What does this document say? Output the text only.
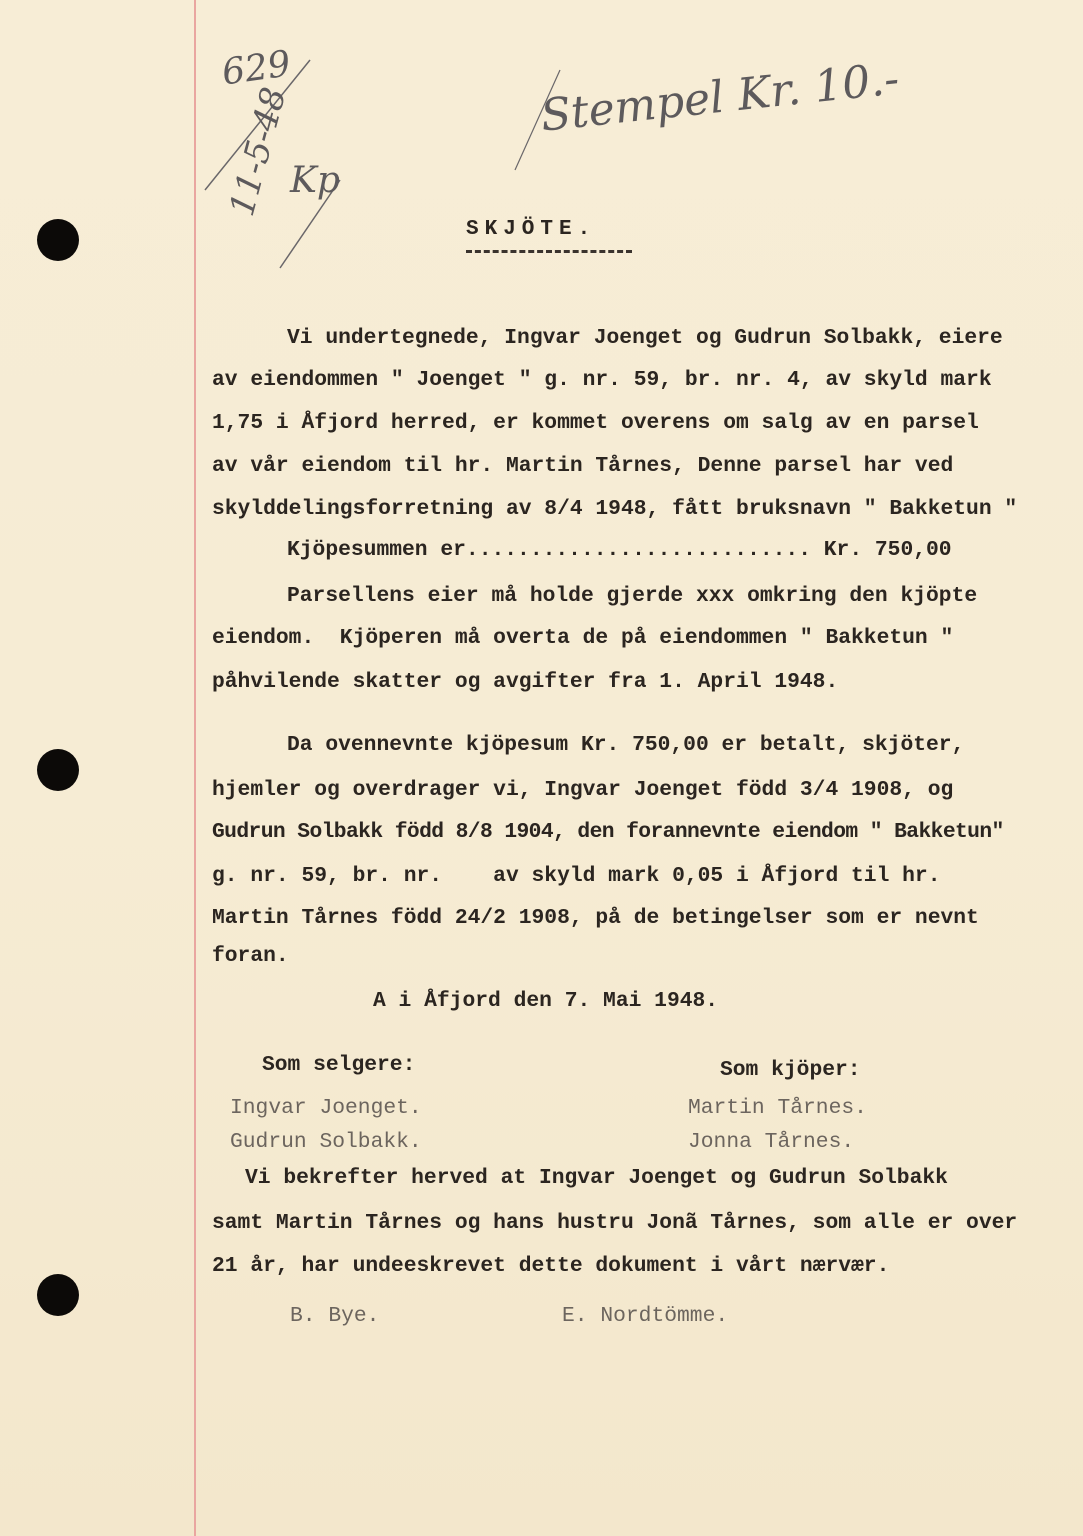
629
11-5-48
Kp
Stempel Kr. 10.-
SKJÖTE.
Vi undertegnede, Ingvar Joenget og Gudrun Solbakk, eiere
av eiendommen " Joenget " g. nr. 59, br. nr. 4, av skyld mark
1,75 i Åfjord herred, er kommet overens om salg av en parsel
av vår eiendom til hr. Martin Tårnes, Denne parsel har ved
skylddelingsforretning av 8/4 1948, fått bruksnavn " Bakketun "
Kjöpesummen er........................... Kr. 750,00
Parsellens eier må holde gjerde xxx omkring den kjöpte
eiendom.  Kjöperen må overta de på eiendommen " Bakketun "
påhvilende skatter og avgifter fra 1. April 1948.
Da ovennevnte kjöpesum Kr. 750,00 er betalt, skjöter,
hjemler og overdrager vi, Ingvar Joenget född 3/4 1908, og
Gudrun Solbakk född 8/8 1904, den forannevnte eiendom " Bakketun"
g. nr. 59, br. nr.    av skyld mark 0,05 i Åfjord til hr.
Martin Tårnes född 24/2 1908, på de betingelser som er nevnt
foran.
A i Åfjord den 7. Mai 1948.
Som selgere:	Som kjöper:
Ingvar Joenget.
Gudrun Solbakk.
Martin Tårnes.
Jonna Tårnes.
Vi bekrefter herved at Ingvar Joenget og Gudrun Solbakk
samt Martin Tårnes og hans hustru Jonã Tårnes, som alle er over
21 år, har undeeskrevet dette dokument i vårt nærvær.
B. Bye.	E. Nordtömme.
